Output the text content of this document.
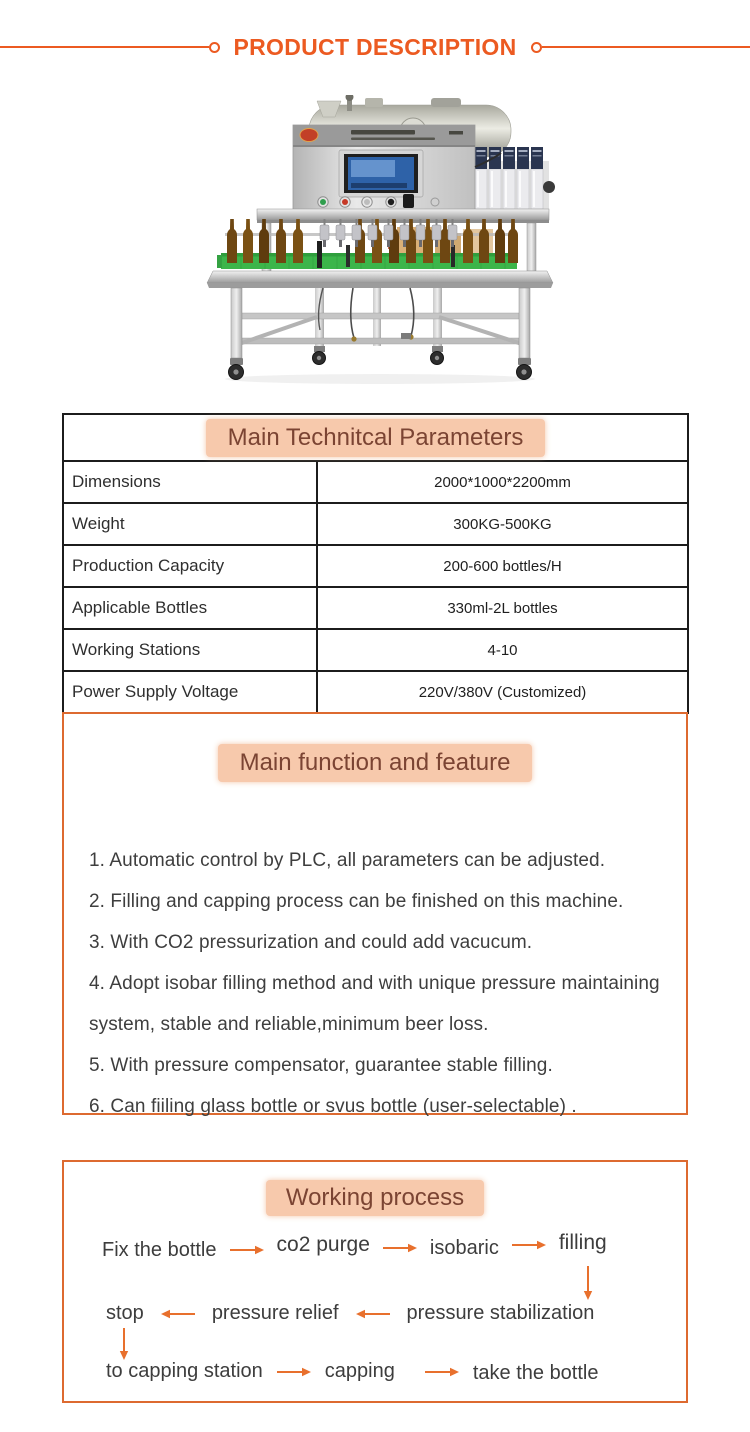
PRODUCT DESCRIPTION
Main Technitcal Parameters	
Dimensions	2000*1000*2200mm
Weight	300KG-500KG
Production Capacity	200-600 bottles/H
Applicable Bottles	330ml-2L bottles
Working Stations	4-10
Power Supply Voltage	220V/380V (Customized)
Main function and feature
1. Automatic control by PLC, all parameters can be adjusted.
2. Filling and capping process can be finished on this machine.
3. With CO2 pressurization and could add vacucum.
4. Adopt isobar filling method and with unique pressure maintaining system, stable and reliable,minimum beer loss.
5. With pressure compensator, guarantee stable filling.
6. Can fiiling glass bottle or svus bottle (user-selectable) .
Working process
Fix the bottle	co2 purge	isobaric	filling
stop	pressure relief	pressure stabilization
to capping station	capping	take the bottle
